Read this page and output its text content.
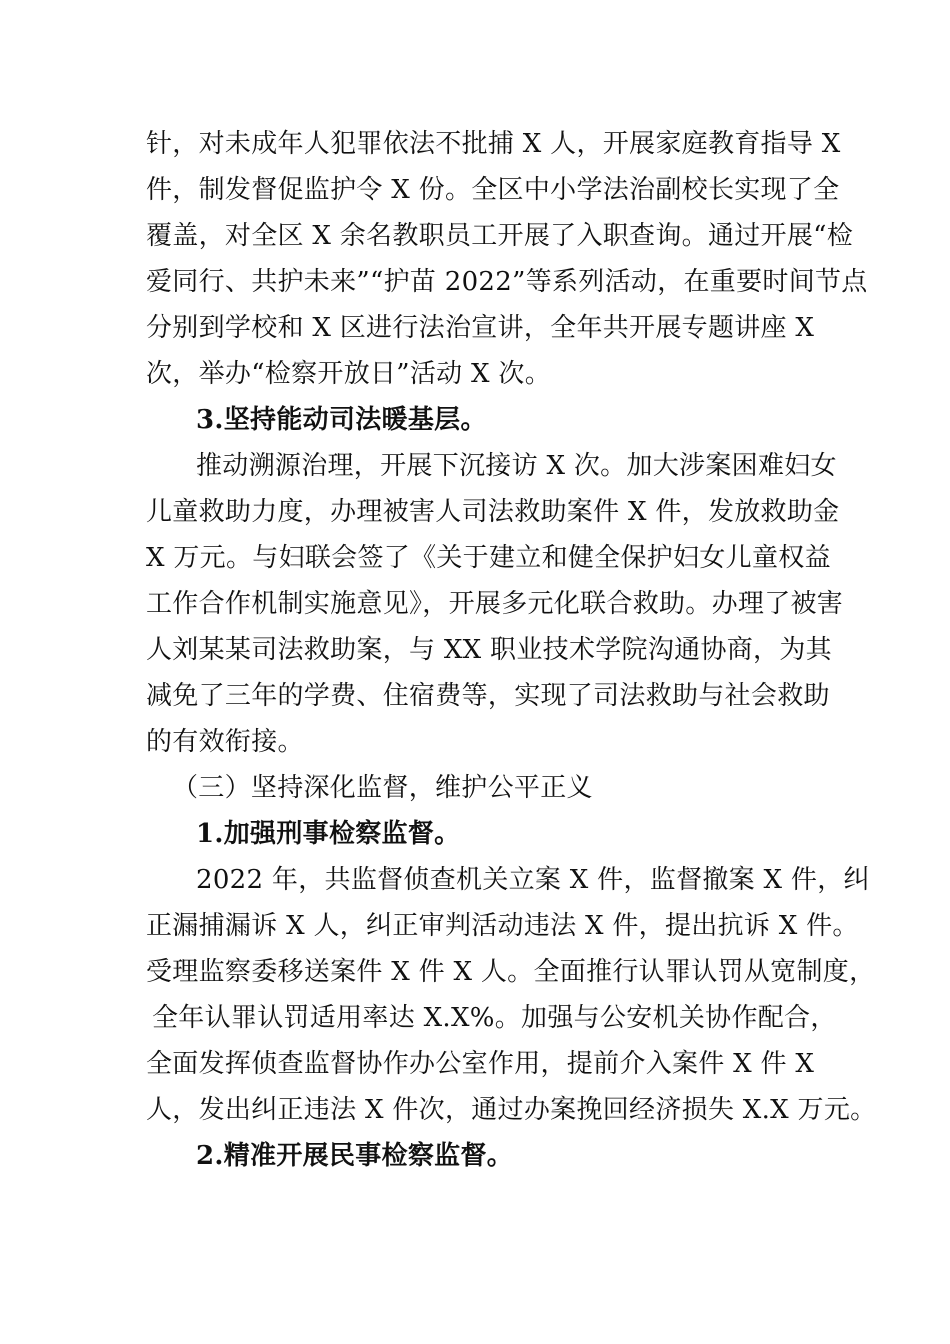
针，对未成年人犯罪依法不批捕 X 人，开展家庭教育指导 X
件，制发督促监护令 X 份。全区中小学法治副校长实现了全
覆盖，对全区 X 余名教职员工开展了入职查询。通过开展“检
爱同行、共护未来”“护苗 2022”等系列活动，在重要时间节点
分别到学校和 X 区进行法治宣讲，全年共开展专题讲座 X
次，举办“检察开放日”活动 X 次。
3.坚持能动司法暖基层。
推动溯源治理，开展下沉接访 X 次。加大涉案困难妇女
儿童救助力度，办理被害人司法救助案件 X 件，发放救助金
X 万元。与妇联会签了《关于建立和健全保护妇女儿童权益
工作合作机制实施意见》，开展多元化联合救助。办理了被害
人刘某某司法救助案，与 XX 职业技术学院沟通协商，为其
减免了三年的学费、住宿费等，实现了司法救助与社会救助
的有效衔接。
（三）坚持深化监督，维护公平正义
1.加强刑事检察监督。
2022 年，共监督侦查机关立案 X 件，监督撤案 X 件，纠
正漏捕漏诉 X 人，纠正审判活动违法 X 件，提出抗诉 X 件。
受理监察委移送案件 X 件 X 人。全面推行认罪认罚从宽制度，
全年认罪认罚适用率达 X.X%。加强与公安机关协作配合，
全面发挥侦查监督协作办公室作用，提前介入案件 X 件 X
人，发出纠正违法 X 件次，通过办案挽回经济损失 X.X 万元。
2.精准开展民事检察监督。
